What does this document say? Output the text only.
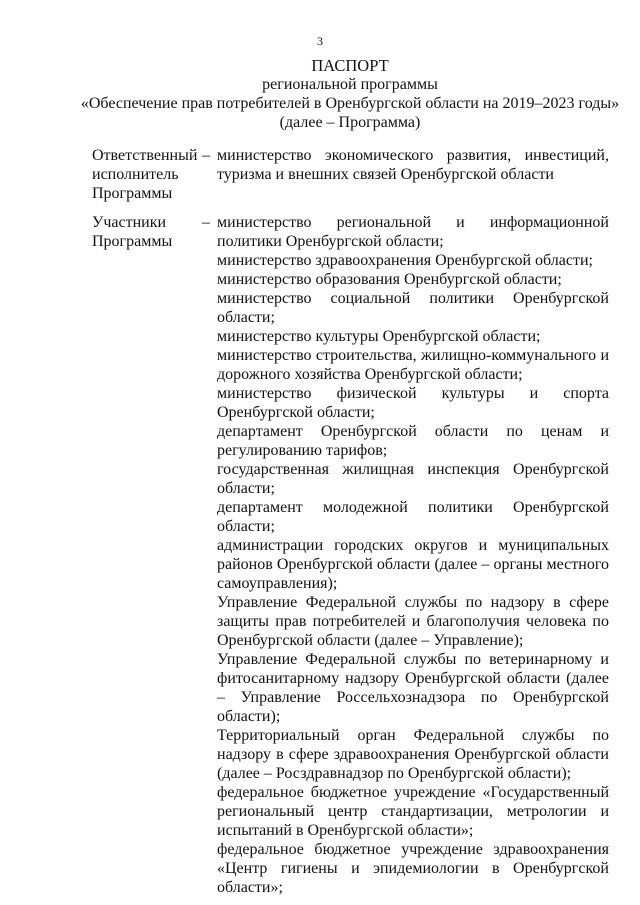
3
ПАСПОРТ
региональной программы
«Обеспечение прав потребителей в Оренбургской области на 2019–2023 годы»
(далее – Программа)
Ответственный
исполнитель
Программы
– министерство экономического развития, инвестиций, туризма и внешних связей Оренбургской области

Участники
Программы
– министерство региональной и информационной политики Оренбургской области;

министерство здравоохранения Оренбургской области;

министерство образования Оренбургской области;

министерство социальной политики Оренбургской области;

министерство культуры Оренбургской области;

министерство строительства, жилищно-коммунального и дорожного хозяйства Оренбургской области;

министерство физической культуры и спорта Оренбургской области;

департамент Оренбургской области по ценам и регулированию тарифов;

государственная жилищная инспекция Оренбургской области;

департамент молодежной политики Оренбургской области;

администрации городских округов и муниципальных районов Оренбургской области (далее – органы местного самоуправления);

Управление Федеральной службы по надзору в сфере защиты прав потребителей и благополучия человека по Оренбургской области (далее – Управление);

Управление Федеральной службы по ветеринарному и фитосанитарному надзору Оренбургской области (далее – Управление Россельхознадзора по Оренбургской области);

Территориальный орган Федеральной службы по надзору в сфере здравоохранения Оренбургской области (далее – Росздравнадзор по Оренбургской области);

федеральное бюджетное учреждение «Государственный региональный центр стандартизации, метрологии и испытаний в Оренбургской области»;

федеральное бюджетное учреждение здравоохранения «Центр гигиены и эпидемиологии в Оренбургской области»;
